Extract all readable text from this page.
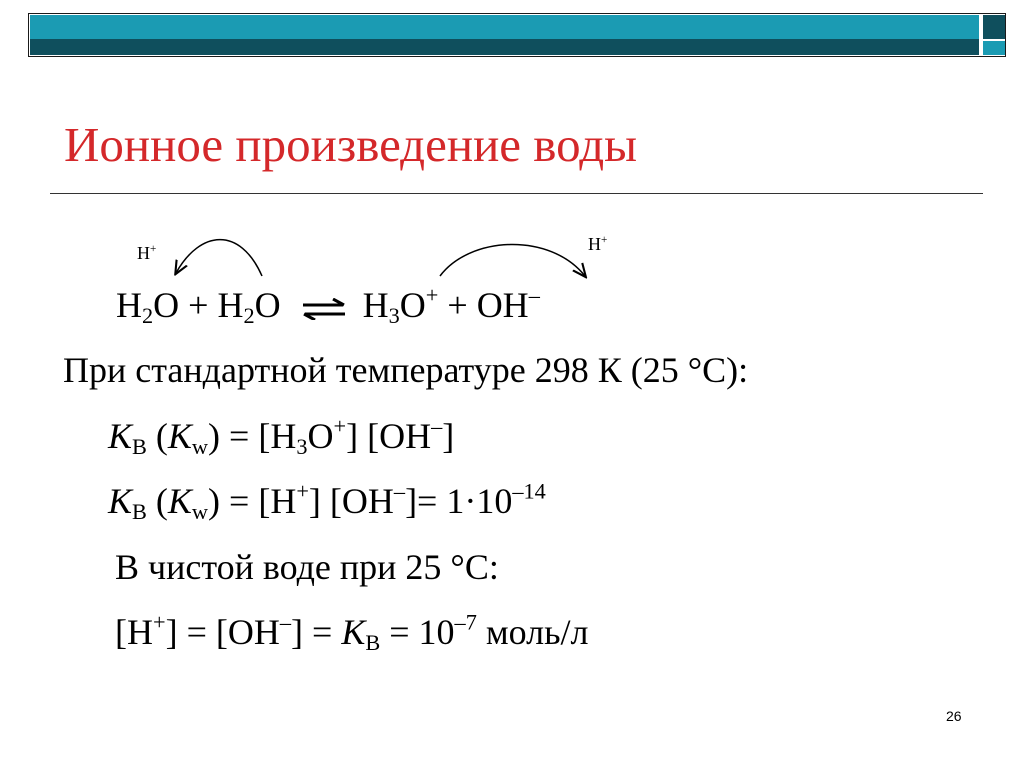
Ионное произведение воды
H+	H+
$H_2O + H_2O$ ⇌ $H_3O^+ + OH^-$
При стандартной температуре 298 К (25 °С):
$K_В$ $(K_w) = [H_3O^+]$ [OH–]
$K_В$ $(K_w) = [H^+]$ $[OH^-]= 1\cdot 10^{-14}$
В чистой воде при 25 °С:
$[H^+] = [OH^-] = K_В = 10^{-7}$ моль/л
26
